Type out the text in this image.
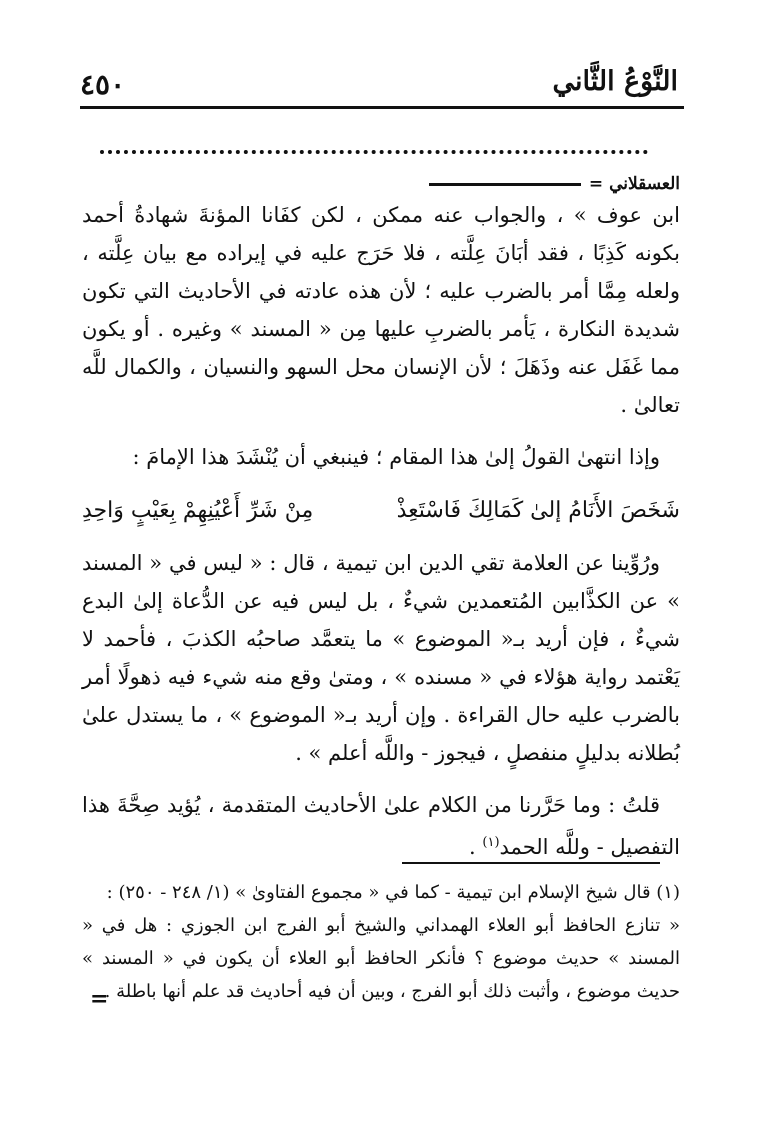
٤٥٠	النَّوْعُ الثَّاني
العسقلاني =

ابن عوف » ، والجواب عنه ممكن ، لكن كفَانا المؤنةَ شهادةُ أحمد بكونه كَذِبًا ، فقد أبَانَ عِلَّته ، فلا حَرَج عليه في إيراده مع بيان عِلَّته ، ولعله مِمَّا أمر بالضرب عليه ؛ لأن هذه عادته في الأحاديث التي تكون شديدة النكارة ، يَأمر بالضربِ عليها مِن « المسند » وغيره . أو يكون مما غَفَل عنه وذَهَلَ ؛ لأن الإنسان محل السهو والنسيان ، والكمال للَّه تعالىٰ .

وإذا انتهىٰ القولُ إلىٰ هذا المقام ؛ فينبغي أن يُنْشَدَ هذا الإمامَ :

شَخَصَ الأَنَامُ إلىٰ كَمَالِكَ فَاسْتَعِذْ
مِنْ شَرِّ أَعْيُنِهِمْ بِعَيْبٍ وَاحِدِ

ورُوِّينا عن العلامة تقي الدين ابن تيمية ، قال : « ليس في « المسند » عن الكذَّابين المُتعمدين شيءٌ ، بل ليس فيه عن الدُّعاة إلىٰ البدع شيءٌ ، فإن أريد بـ« الموضوع » ما يتعمَّد صاحبُه الكذبَ ، فأحمد لا يَعْتمد رواية هؤلاء في « مسنده » ، ومتىٰ وقع منه شيء فيه ذهولًا أمر بالضرب عليه حال القراءة . وإن أريد بـ« الموضوع » ، ما يستدل علىٰ بُطلانه بدليلٍ منفصلٍ ، فيجوز - واللَّه أعلم » .

قلتُ : وما حَرَّرنا من الكلام علىٰ الأحاديث المتقدمة ، يُؤيد صِحَّةَ هذا التفصيل - وللَّه الحمد$^{(١)}$ .

(١) قال شيخ الإسلام ابن تيمية - كما في « مجموع الفتاوىٰ » (١/ ٢٤٨ - ٢٥٠) :

« تنازع الحافظ أبو العلاء الهمداني والشيخ أبو الفرج ابن الجوزي : هل في « المسند » حديث موضوع ؟ فأنكر الحافظ أبو العلاء أن يكون في « المسند » حديث موضوع ، وأثبت ذلك أبو الفرج ، وبين أن فيه أحاديث قد علم أنها باطلة .

=
